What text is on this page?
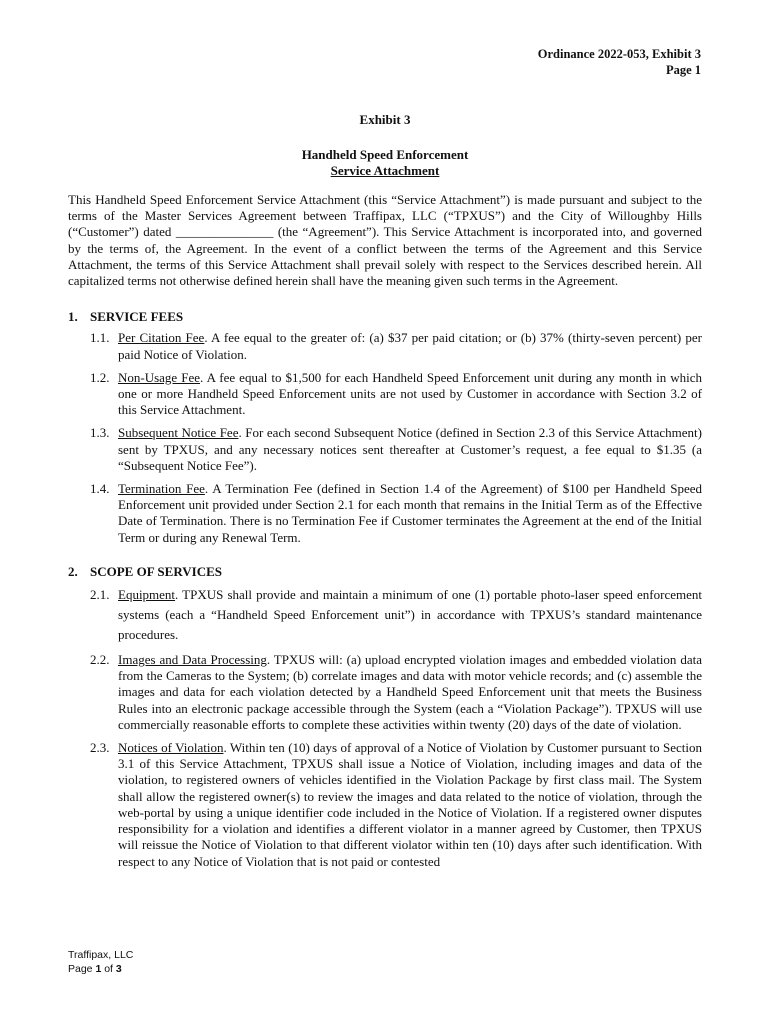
Ordinance 2022-053, Exhibit 3
Page 1
Exhibit 3
Handheld Speed Enforcement
Service Attachment

This Handheld Speed Enforcement Service Attachment (this “Service Attachment”) is made pursuant and subject to the terms of the Master Services Agreement between Traffipax, LLC (“TPXUS”) and the City of Willoughby Hills (“Customer”) dated _______________ (the “Agreement”). This Service Attachment is incorporated into, and governed by the terms of, the Agreement. In the event of a conflict between the terms of the Agreement and this Service Attachment, the terms of this Service Attachment shall prevail solely with respect to the Services described herein. All capitalized terms not otherwise defined herein shall have the meaning given such terms in the Agreement.

1. SERVICE FEES
1.1. Per Citation Fee. A fee equal to the greater of: (a) $37 per paid citation; or (b) 37% (thirty-seven percent) per paid Notice of Violation.
1.2. Non-Usage Fee. A fee equal to $1,500 for each Handheld Speed Enforcement unit during any month in which one or more Handheld Speed Enforcement units are not used by Customer in accordance with Section 3.2 of this Service Attachment.
1.3. Subsequent Notice Fee. For each second Subsequent Notice (defined in Section 2.3 of this Service Attachment) sent by TPXUS, and any necessary notices sent thereafter at Customer’s request, a fee equal to $1.35 (a “Subsequent Notice Fee”).
1.4. Termination Fee. A Termination Fee (defined in Section 1.4 of the Agreement) of $100 per Handheld Speed Enforcement unit provided under Section 2.1 for each month that remains in the Initial Term as of the Effective Date of Termination. There is no Termination Fee if Customer terminates the Agreement at the end of the Initial Term or during any Renewal Term.
2. SCOPE OF SERVICES
2.1. Equipment. TPXUS shall provide and maintain a minimum of one (1) portable photo-laser speed enforcement systems (each a “Handheld Speed Enforcement unit”) in accordance with TPXUS’s standard maintenance procedures.
2.2. Images and Data Processing. TPXUS will: (a) upload encrypted violation images and embedded violation data from the Cameras to the System; (b) correlate images and data with motor vehicle records; and (c) assemble the images and data for each violation detected by a Handheld Speed Enforcement unit that meets the Business Rules into an electronic package accessible through the System (each a “Violation Package”). TPXUS will use commercially reasonable efforts to complete these activities within twenty (20) days of the date of violation.
2.3. Notices of Violation. Within ten (10) days of approval of a Notice of Violation by Customer pursuant to Section 3.1 of this Service Attachment, TPXUS shall issue a Notice of Violation, including images and data of the violation, to registered owners of vehicles identified in the Violation Package by first class mail. The System shall allow the registered owner(s) to review the images and data related to the notice of violation, through the web-portal by using a unique identifier code included in the Notice of Violation. If a registered owner disputes responsibility for a violation and identifies a different violator in a manner agreed by Customer, then TPXUS will reissue the Notice of Violation to that different violator within ten (10) days after such identification. With respect to any Notice of Violation that is not paid or contested
Traffipax, LLC
Page 1 of 3
